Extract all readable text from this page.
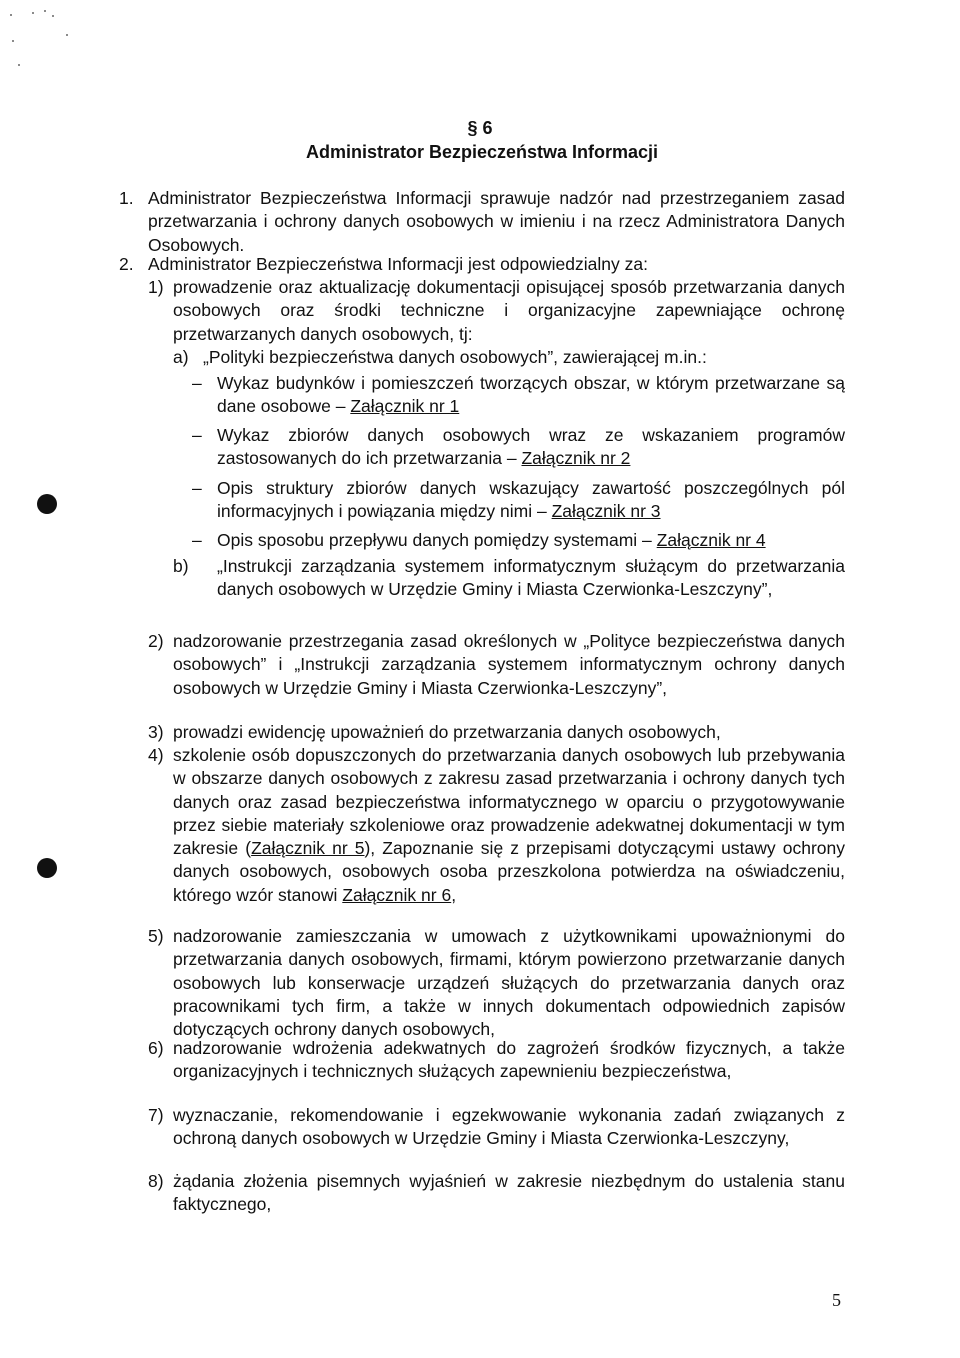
§ 6
Administrator Bezpieczeństwa Informacji
1. Administrator Bezpieczeństwa Informacji sprawuje nadzór nad przestrzeganiem zasad przetwarzania i ochrony danych osobowych w imieniu i na rzecz Administratora Danych Osobowych.
2. Administrator Bezpieczeństwa Informacji jest odpowiedzialny za:
1) prowadzenie oraz aktualizację dokumentacji opisującej sposób przetwarzania danych osobowych oraz środki techniczne i organizacyjne zapewniające ochronę przetwarzanych danych osobowych, tj:
a) „Polityki bezpieczeństwa danych osobowych”, zawierającej m.in.:
– Wykaz budynków i pomieszczeń tworzących obszar, w którym przetwarzane są dane osobowe – Załącznik nr 1
– Wykaz zbiorów danych osobowych wraz ze wskazaniem programów zastosowanych do ich przetwarzania – Załącznik nr 2
– Opis struktury zbiorów danych wskazujący zawartość poszczególnych pól informacyjnych i powiązania między nimi – Załącznik nr 3
– Opis sposobu przepływu danych pomiędzy systemami – Załącznik nr 4
b) „Instrukcji zarządzania systemem informatycznym służącym do przetwarzania danych osobowych w Urzędzie Gminy i Miasta Czerwionka-Leszczyny”,
2) nadzorowanie przestrzegania zasad określonych w „Polityce bezpieczeństwa danych osobowych” i „Instrukcji zarządzania systemem informatycznym ochrony danych osobowych w Urzędzie Gminy i Miasta Czerwionka-Leszczyny”,
3) prowadzi ewidencję upoważnień do przetwarzania danych osobowych,
4) szkolenie osób dopuszczonych do przetwarzania danych osobowych lub przebywania w obszarze danych osobowych z zakresu zasad przetwarzania i ochrony danych tych danych oraz zasad bezpieczeństwa informatycznego w oparciu o przygotowywanie przez siebie materiały szkoleniowe oraz prowadzenie adekwatnej dokumentacji w tym zakresie (Załącznik nr 5), Zapoznanie się z przepisami dotyczącymi ustawy ochrony danych osobowych, osobowych osoba przeszkolona potwierdza na oświadczeniu, którego wzór stanowi Załącznik nr 6,
5) nadzorowanie zamieszczania w umowach z użytkownikami upoważnionymi do przetwarzania danych osobowych, firmami, którym powierzono przetwarzanie danych osobowych lub konserwacje urządzeń służących do przetwarzania danych oraz pracownikami tych firm, a także w innych dokumentach odpowiednich zapisów dotyczących ochrony danych osobowych,
6) nadzorowanie wdrożenia adekwatnych do zagrożeń środków fizycznych, a także organizacyjnych i technicznych służących zapewnieniu bezpieczeństwa,
7) wyznaczanie, rekomendowanie i egzekwowanie wykonania zadań związanych z ochroną danych osobowych w Urzędzie Gminy i Miasta Czerwionka-Leszczyny,
8) żądania złożenia pisemnych wyjaśnień w zakresie niezbędnym do ustalenia stanu faktycznego,
5
